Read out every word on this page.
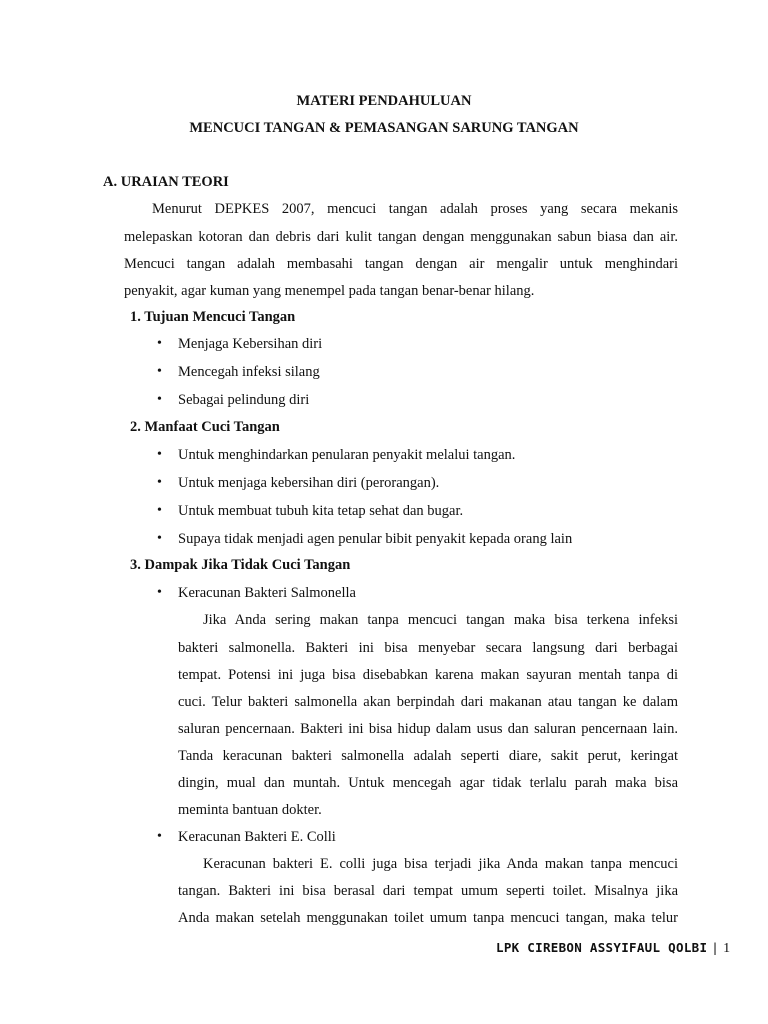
MATERI PENDAHULUAN
MENCUCI TANGAN & PEMASANGAN SARUNG TANGAN
A. URAIAN TEORI
Menurut DEPKES 2007, mencuci tangan adalah proses yang secara mekanis
melepaskan kotoran dan debris dari kulit tangan dengan menggunakan sabun biasa dan air.
Mencuci tangan adalah membasahi tangan dengan air mengalir untuk menghindari
penyakit, agar kuman yang menempel pada tangan benar-benar hilang.
1. Tujuan Mencuci Tangan
• Menjaga Kebersihan diri
• Mencegah infeksi silang
• Sebagai pelindung diri
2. Manfaat Cuci Tangan
• Untuk menghindarkan penularan penyakit melalui tangan.
• Untuk menjaga kebersihan diri (perorangan).
• Untuk membuat tubuh kita tetap sehat dan bugar.
• Supaya tidak menjadi agen penular bibit penyakit kepada orang lain
3. Dampak Jika Tidak Cuci Tangan
• Keracunan Bakteri Salmonella
Jika Anda sering makan tanpa mencuci tangan maka bisa terkena infeksi
bakteri salmonella. Bakteri ini bisa menyebar secara langsung dari berbagai
tempat. Potensi ini juga bisa disebabkan karena makan sayuran mentah tanpa di
cuci. Telur bakteri salmonella akan berpindah dari makanan atau tangan ke dalam
saluran pencernaan. Bakteri ini bisa hidup dalam usus dan saluran pencernaan lain.
Tanda keracunan bakteri salmonella adalah seperti diare, sakit perut, keringat
dingin, mual dan muntah. Untuk mencegah agar tidak terlalu parah maka bisa
meminta bantuan dokter.
• Keracunan Bakteri E. Colli
Keracunan bakteri E. colli juga bisa terjadi jika Anda makan tanpa mencuci
tangan. Bakteri ini bisa berasal dari tempat umum seperti toilet. Misalnya jika
Anda makan setelah menggunakan toilet umum tanpa mencuci tangan, maka telur
LPK CIREBON ASSYIFAUL QOLBI | 1
